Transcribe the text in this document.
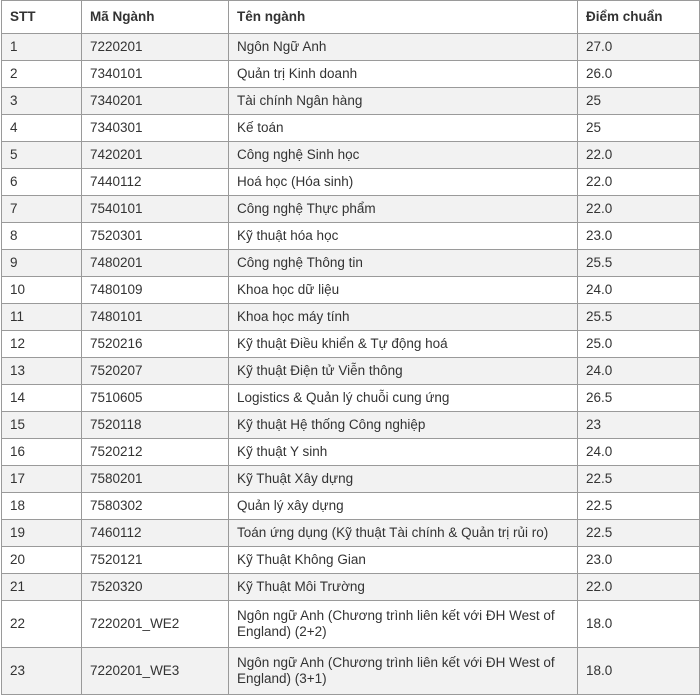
STT	Mã Ngành	Tên ngành	Điểm chuẩn
1	7220201	Ngôn Ngữ Anh	27.0
2	7340101	Quản trị Kinh doanh	26.0
3	7340201	Tài chính Ngân hàng	25
4	7340301	Kế toán	25
5	7420201	Công nghệ Sinh học	22.0
6	7440112	Hoá học (Hóa sinh)	22.0
7	7540101	Công nghệ Thực phẩm	22.0
8	7520301	Kỹ thuật hóa học	23.0
9	7480201	Công nghệ Thông tin	25.5
10	7480109	Khoa học dữ liệu	24.0
11	7480101	Khoa học máy tính	25.5
12	7520216	Kỹ thuật Điều khiển & Tự động hoá	25.0
13	7520207	Kỹ thuật Điện tử Viễn thông	24.0
14	7510605	Logistics & Quản lý chuỗi cung ứng	26.5
15	7520118	Kỹ thuật Hệ thống Công nghiệp	23
16	7520212	Kỹ thuật Y sinh	24.0
17	7580201	Kỹ Thuật Xây dựng	22.5
18	7580302	Quản lý xây dựng	22.5
19	7460112	Toán ứng dụng (Kỹ thuật Tài chính & Quản trị rủi ro)	22.5
20	7520121	Kỹ Thuật Không Gian	23.0
21	7520320	Kỹ Thuật Môi Trường	22.0
22	7220201_WE2	Ngôn ngữ Anh (Chương trình liên kết với ĐH West of England) (2+2)	18.0
23	7220201_WE3	Ngôn ngữ Anh (Chương trình liên kết với ĐH West of England) (3+1)	18.0
